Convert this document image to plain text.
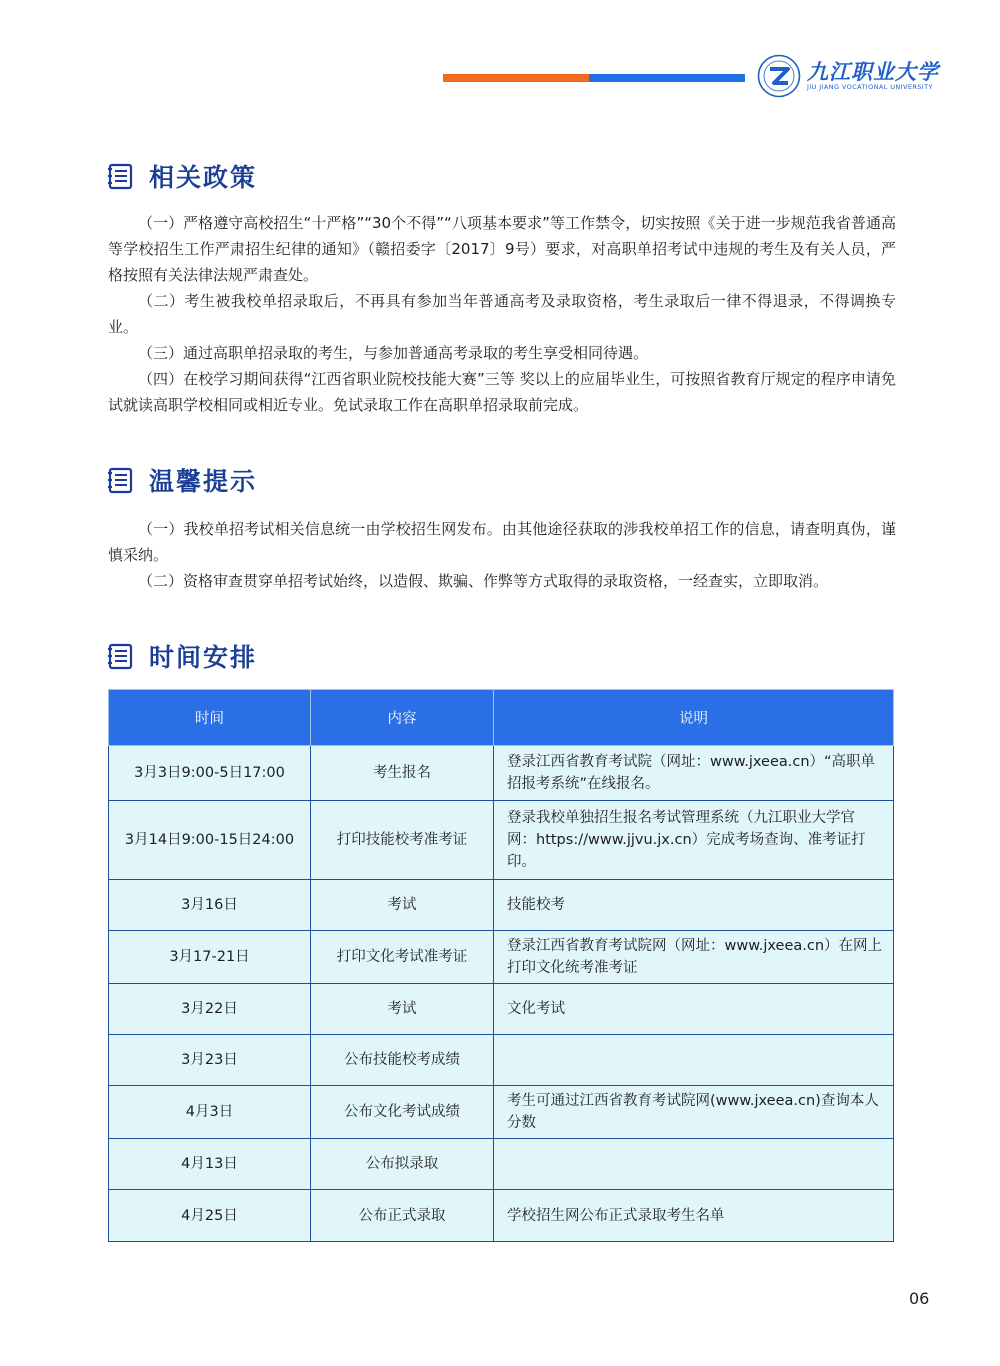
九江职业大学
JIU JIANG VOCATIONAL UNIVERSITY
相关政策

（一）严格遵守高校招生“十严格”“30个不得”“八项基本要求”等工作禁令，切实按照《关于进一步规范我省普通高等学校招生工作严肃招生纪律的通知》（赣招委字〔2017〕9号）要求，对高职单招考试中违规的考生及有关人员，严格按照有关法律法规严肃查处。

（二）考生被我校单招录取后，不再具有参加当年普通高考及录取资格，考生录取后一律不得退录，不得调换专业。

（三）通过高职单招录取的考生，与参加普通高考录取的考生享受相同待遇。

（四）在校学习期间获得“江西省职业院校技能大赛”三等 奖以上的应届毕业生，可按照省教育厅规定的程序申请免试就读高职学校相同或相近专业。免试录取工作在高职单招录取前完成。

温馨提示

（一）我校单招考试相关信息统一由学校招生网发布。由其他途径获取的涉我校单招工作的信息，请查明真伪，谨慎采纳。

（二）资格审查贯穿单招考试始终，以造假、欺骗、作弊等方式取得的录取资格，一经查实，立即取消。

时间安排
时间	内容	说明
3月3日9:00-5日17:00	考生报名	登录江西省教育考试院（网址：www.jxeea.cn）“高职单招报考系统”在线报名。
3月14日9:00-15日24:00	打印技能校考准考证	登录我校单独招生报名考试管理系统（九江职业大学官网：https://www.jjvu.jx.cn）完成考场查询、准考证打印。
3月16日	考试	技能校考
3月17-21日	打印文化考试准考证	登录江西省教育考试院网（网址：www.jxeea.cn）在网上打印文化统考准考证
3月22日	考试	文化考试
3月23日	公布技能校考成绩	
4月3日	公布文化考试成绩	考生可通过江西省教育考试院网(www.jxeea.cn)查询本人分数
4月13日	公布拟录取	
4月25日	公布正式录取	学校招生网公布正式录取考生名单
06
